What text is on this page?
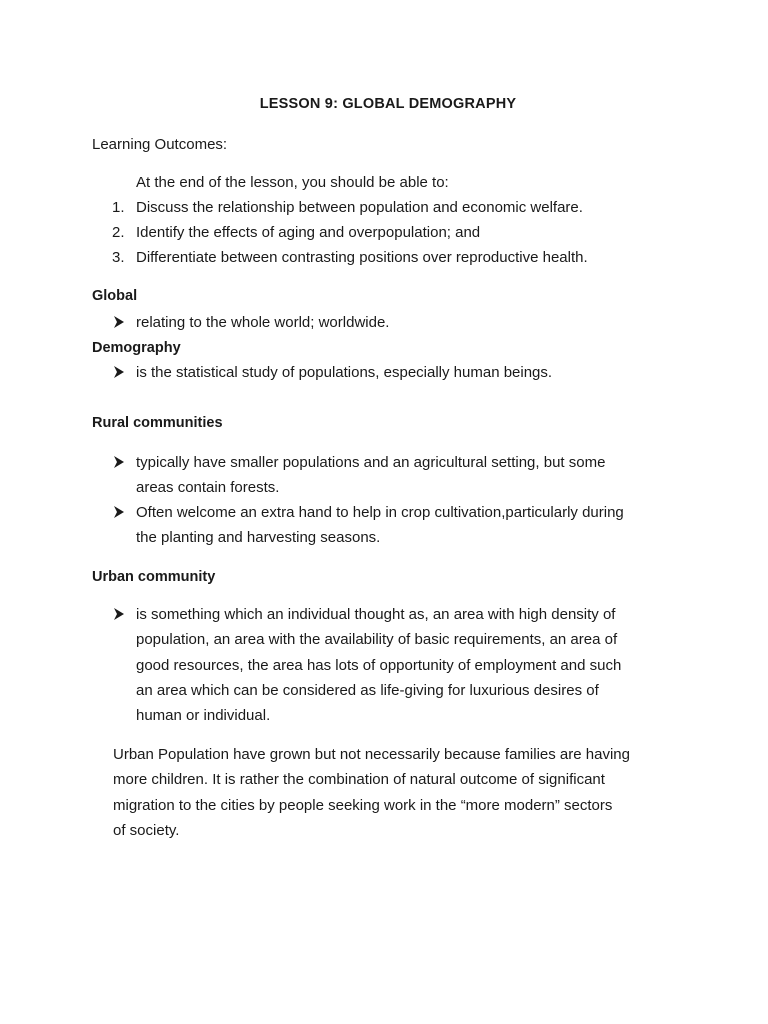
LESSON 9: GLOBAL DEMOGRAPHY
Learning Outcomes:
At the end of the lesson, you should be able to:
1. Discuss the relationship between population and economic welfare.
2. Identify the effects of aging and overpopulation; and
3. Differentiate between contrasting positions over reproductive health.
Global
relating to the whole world; worldwide.
Demography
is the statistical study of populations, especially human beings.
Rural communities
typically have smaller populations and an agricultural setting, but some
areas contain forests.
Often welcome an extra hand to help in crop cultivation,particularly during
the planting and harvesting seasons.
Urban community
is something which an individual thought as, an area with high density of
population, an area with the availability of basic requirements, an area of
good resources, the area has lots of opportunity of employment and such
an area which can be considered as life-giving for luxurious desires of
human or individual.
Urban Population have grown but not necessarily because families are having
more children. It is rather the combination of natural outcome of significant
migration to the cities by people seeking work in the “more modern” sectors
of society.
